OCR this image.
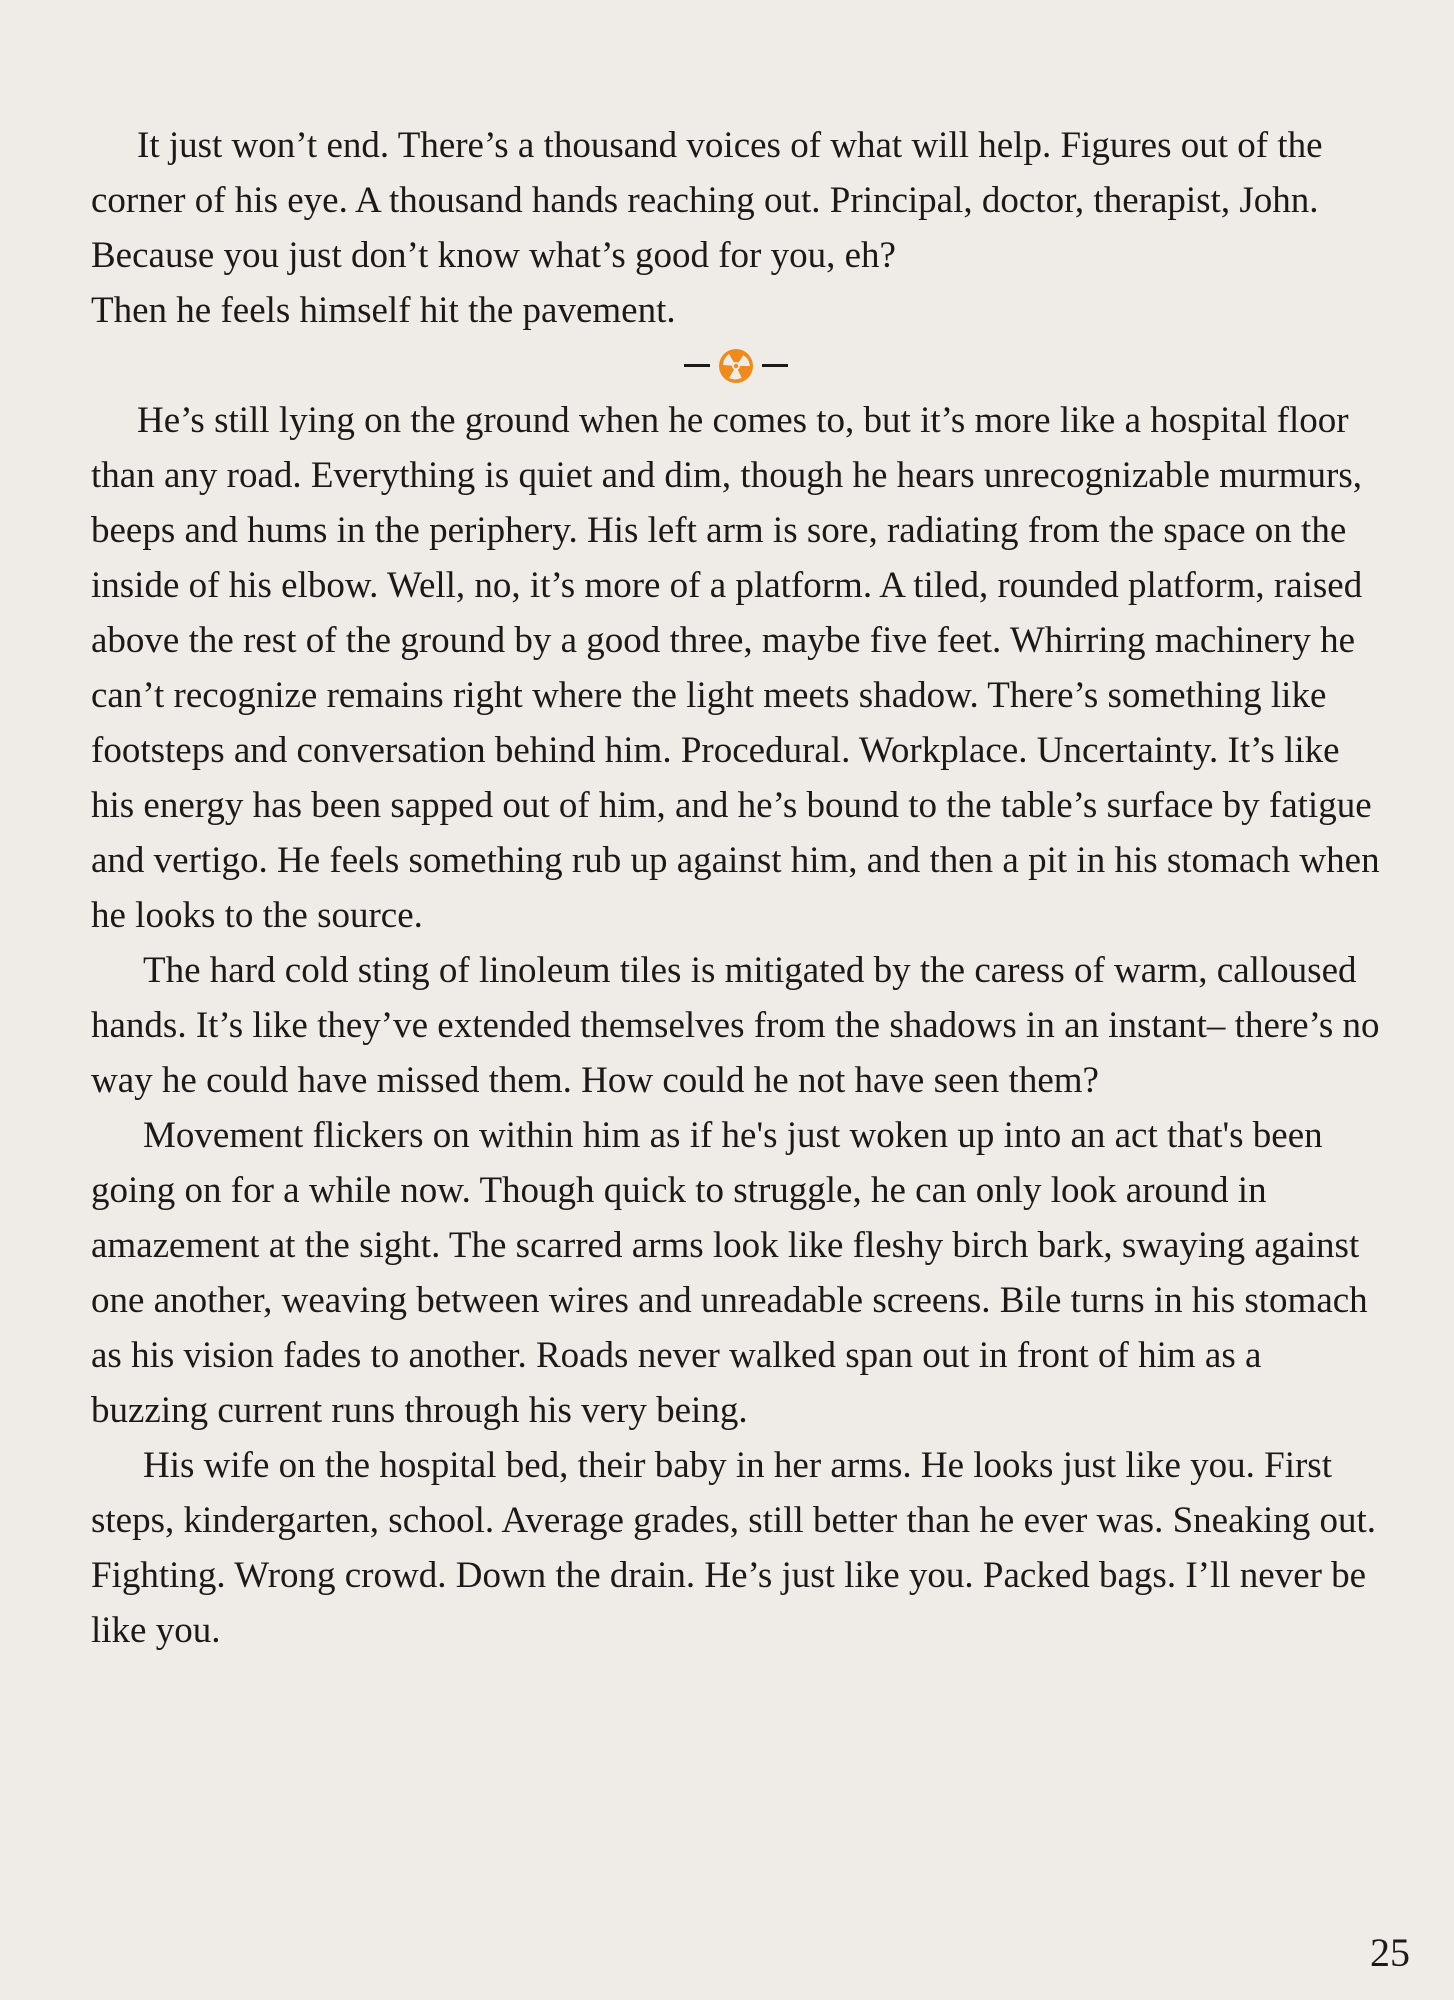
It just won’t end. There’s a thousand voices of what will help. Figures out of the corner of his eye. A thousand hands reaching out. Principal, doctor, therapist, John. Because you just don’t know what’s good for you, eh?

Then he feels himself hit the pavement.

He’s still lying on the ground when he comes to, but it’s more like a hospital floor than any road. Everything is quiet and dim, though he hears unrecognizable murmurs, beeps and hums in the periphery. His left arm is sore, radiating from the space on the inside of his elbow. Well, no, it’s more of a platform. A tiled, rounded platform, raised above the rest of the ground by a good three, maybe five feet. Whirring machinery he can’t recognize remains right where the light meets shadow. There’s something like footsteps and conversation behind him. Procedural. Workplace. Uncertainty. It’s like his energy has been sapped out of him, and he’s bound to the table’s surface by fatigue and vertigo. He feels something rub up against him, and then a pit in his stomach when he looks to the source.

The hard cold sting of linoleum tiles is mitigated by the caress of warm, calloused hands. It’s like they’ve extended themselves from the shadows in an instant– there’s no way he could have missed them. How could he not have seen them?

Movement flickers on within him as if he's just woken up into an act that's been going on for a while now. Though quick to struggle, he can only look around in amazement at the sight. The scarred arms look like fleshy birch bark, swaying against one another, weaving between wires and unreadable screens. Bile turns in his stomach as his vision fades to another. Roads never walked span out in front of him as a buzzing current runs through his very being.

His wife on the hospital bed, their baby in her arms. He looks just like you. First steps, kindergarten, school. Average grades, still better than he ever was. Sneaking out. Fighting. Wrong crowd. Down the drain. He’s just like you. Packed bags. I’ll never be like you.

25
